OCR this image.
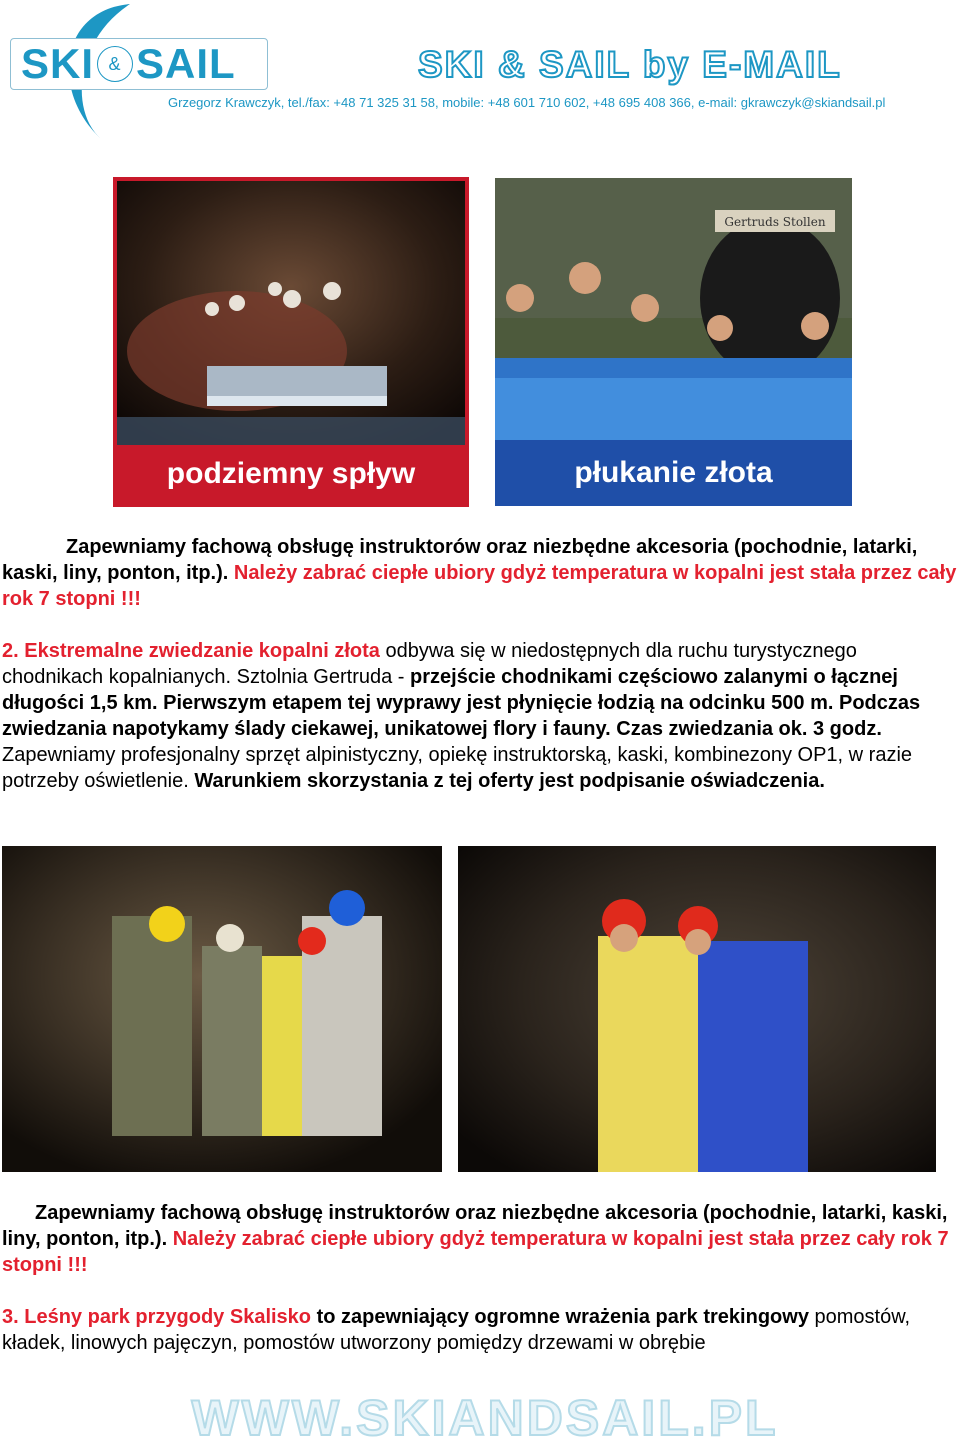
SKI & SAIL	SKI & SAIL by E-MAIL
Grzegorz Krawczyk, tel./fax: +48 71 325 31 58, mobile: +48 601 710 602, +48 695 408 366, e-mail: gkrawczyk@skiandsail.pl
podziemny spływ
Gertruds Stollen
płukanie złota
Zapewniamy fachową obsługę instruktorów oraz niezbędne akcesoria (pochodnie, latarki, kaski, liny, ponton, itp.). Należy zabrać ciepłe ubiory gdyż temperatura w kopalni jest stała przez cały rok 7 stopni !!!
2. Ekstremalne zwiedzanie kopalni złota odbywa się w niedostępnych dla ruchu turystycznego chodnikach kopalnianych. Sztolnia Gertruda - przejście chodnikami częściowo zalanymi o łącznej długości 1,5 km. Pierwszym etapem tej wyprawy jest płynięcie łodzią na odcinku 500 m. Podczas zwiedzania napotykamy ślady ciekawej, unikatowej flory i fauny. Czas zwiedzania ok. 3 godz. Zapewniamy profesjonalny sprzęt alpinistyczny, opiekę instruktorską, kaski, kombinezony OP1, w razie potrzeby oświetlenie. Warunkiem skorzystania z tej oferty jest podpisanie oświadczenia.
Zapewniamy fachową obsługę instruktorów oraz niezbędne akcesoria (pochodnie, latarki, kaski, liny, ponton, itp.). Należy zabrać ciepłe ubiory gdyż temperatura w kopalni jest stała przez cały rok 7 stopni !!!
3. Leśny park przygody Skalisko to zapewniający ogromne wrażenia park trekingowy pomostów, kładek, linowych pajęczyn, pomostów utworzony pomiędzy drzewami w obrębie
WWW.SKIANDSAIL.PL
